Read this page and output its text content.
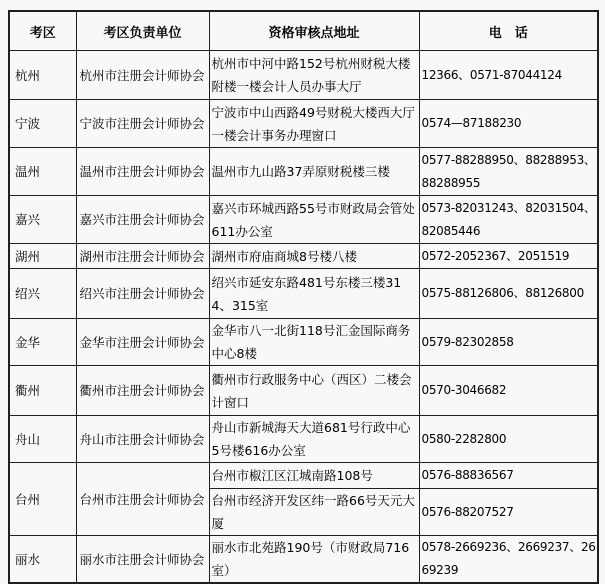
考区	考区负责单位	资格审核点地址	电　话
杭州	杭州市注册会计师协会	杭州市中河中路152号杭州财税大楼附楼一楼会计人员办事大厅	12366、0571-87044124
宁波	宁波市注册会计师协会	宁波市中山西路49号财税大楼西大厅一楼会计事务办理窗口	0574—87188230
温州	温州市注册会计师协会	温州市九山路37弄原财税楼三楼	0577-88288950、88288953、88288955
嘉兴	嘉兴市注册会计师协会	嘉兴市环城西路55号市财政局会管处611办公室	0573-82031243、82031504、82085446
湖州	湖州市注册会计师协会	湖州市府庙商城8号楼八楼	0572-2052367、2051519
绍兴	绍兴市注册会计师协会	绍兴市延安东路481号东楼三楼314、315室	0575-88126806、88126800
金华	金华市注册会计师协会	金华市八一北街118号汇金国际商务中心8楼	0579-82302858
衢州	衢州市注册会计师协会	衢州市行政服务中心（西区）二楼会计窗口	0570-3046682
舟山	舟山市注册会计师协会	舟山市新城海天大道681号行政中心5号楼616办公室	0580-2282800
台州	台州市注册会计师协会	台州市椒江区江城南路108号	0576-88836567
		台州市经济开发区纬一路66号天元大厦	0576-88207527
丽水	丽水市注册会计师协会	丽水市北苑路190号（市财政局716室）	0578-2669236、2669237、2669239
